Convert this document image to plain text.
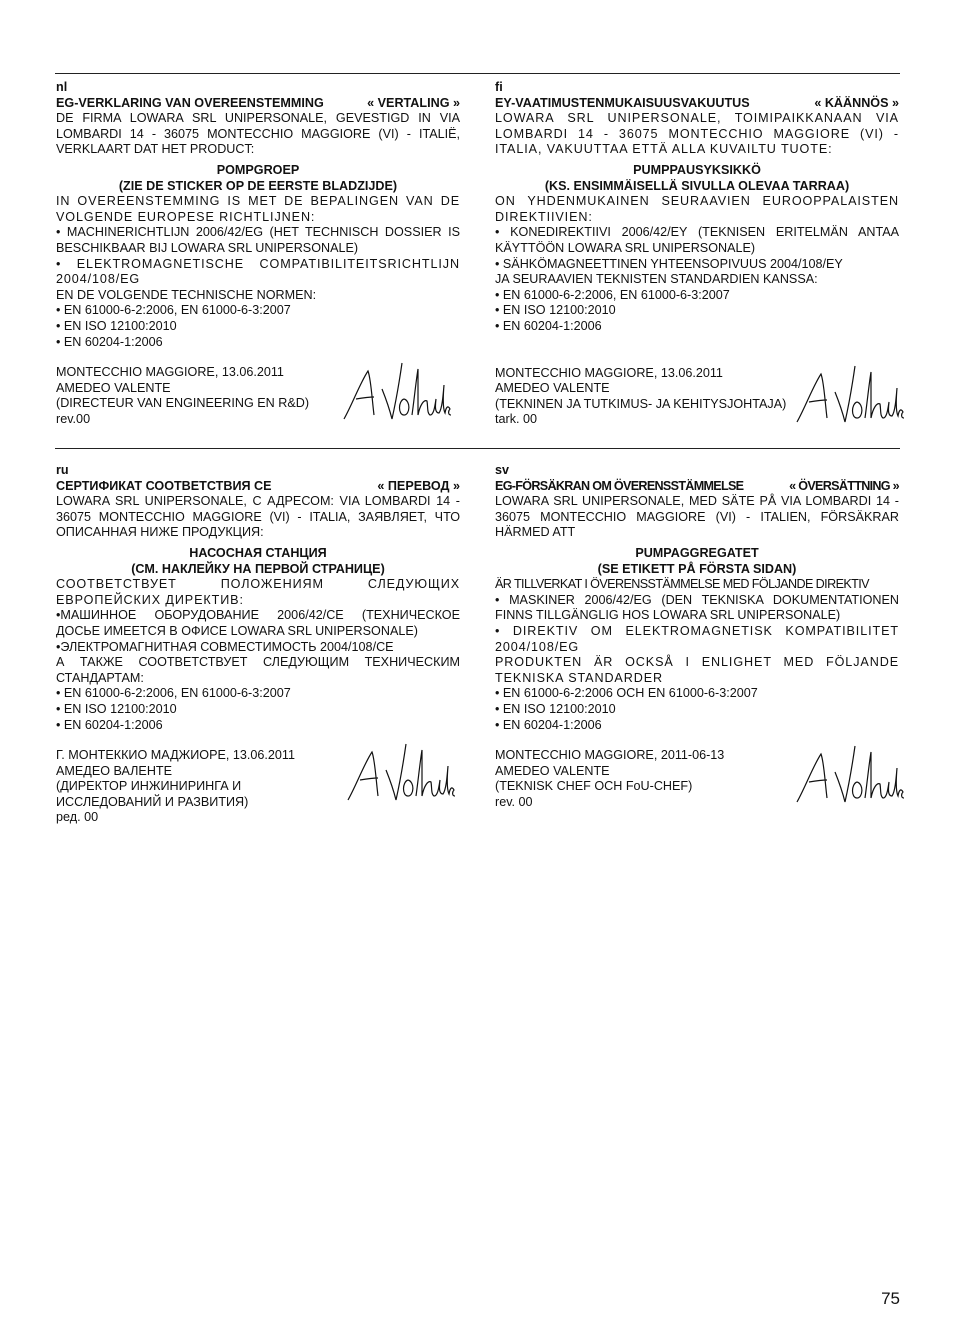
nl
EG-VERKLARING VAN OVEREENSTEMMING	« VERTALING »
DE FIRMA LOWARA SRL UNIPERSONALE, GEVESTIGD IN VIA LOMBARDI 14 - 36075 MONTECCHIO MAGGIORE (VI) - ITALIË, VERKLAART DAT HET PRODUCT:
POMPGROEP
(ZIE DE STICKER OP DE EERSTE BLADZIJDE)
IN OVEREENSTEMMING IS MET DE BEPALINGEN VAN DE VOLGENDE EUROPESE RICHTLIJNEN:
• MACHINERICHTLIJN 2006/42/EG (HET TECHNISCH DOSSIER IS BESCHIKBAAR BIJ LOWARA SRL UNIPERSONALE)
• ELEKTROMAGNETISCHE COMPATIBILITEITSRICHTLIJN 2004/108/EG
EN DE VOLGENDE TECHNISCHE NORMEN:
• EN 61000-6-2:2006, EN 61000-6-3:2007
• EN ISO 12100:2010
• EN 60204-1:2006
MONTECCHIO MAGGIORE, 13.06.2011
AMEDEO VALENTE
(DIRECTEUR VAN ENGINEERING EN R&D)
rev.00
fi
EY-VAATIMUSTENMUKAISUUSVAKUUTUS	« KÄÄNNÖS »
LOWARA SRL UNIPERSONALE, TOIMIPAIKKANAAN VIA LOMBARDI 14 - 36075 MONTECCHIO MAGGIORE (VI) - ITALIA, VAKUUTTAA ETTÄ ALLA KUVAILTU TUOTE:
PUMPPAUSYKSIKKÖ
(KS. ENSIMMÄISELLÄ SIVULLA OLEVAA TARRAA)
ON YHDENMUKAINEN SEURAAVIEN EUROOPPALAISTEN DIREKTIIVIEN:
• KONEDIREKTIIVI 2006/42/EY (TEKNISEN ERITELMÄN ANTAA KÄYTTÖÖN LOWARA SRL UNIPERSONALE)
• SÄHKÖMAGNEETTINEN YHTEENSOPIVUUS 2004/108/EY
JA SEURAAVIEN TEKNISTEN STANDARDIEN KANSSA:
• EN 61000-6-2:2006, EN 61000-6-3:2007
• EN ISO 12100:2010
• EN 60204-1:2006
MONTECCHIO MAGGIORE, 13.06.2011
AMEDEO VALENTE
(TEKNINEN JA TUTKIMUS- JA KEHITYSJOHTAJA)
tark. 00
ru
СЕРТИФИКАТ СООТВЕТСТВИЯ CE	« ПЕРЕВОД »
LOWARA SRL UNIPERSONALE, С АДРЕСОМ: VIA LOMBARDI 14 - 36075 MONTECCHIO MAGGIORE (VI) - ITALIA, ЗАЯВЛЯЕТ, ЧТО ОПИСАННАЯ НИЖЕ ПРОДУКЦИЯ:
НАСОСНАЯ СТАНЦИЯ
(СМ. НАКЛЕЙКУ НА ПЕРВОЙ СТРАНИЦЕ)
СООТВЕТСТВУЕТ ПОЛОЖЕНИЯМ СЛЕДУЮЩИХ ЕВРОПЕЙСКИХ ДИРЕКТИВ:
•МАШИННОЕ ОБОРУДОВАНИЕ 2006/42/CE (ТЕХНИЧЕСКОЕ ДОСЬЕ ИМЕЕТСЯ В ОФИСЕ LOWARA SRL UNIPERSONALE)
•ЭЛЕКТРОМАГНИТНАЯ СОВМЕСТИМОСТЬ 2004/108/CE
А ТАКЖЕ СООТВЕТСТВУЕТ СЛЕДУЮЩИМ ТЕХНИЧЕСКИМ СТАНДАРТАМ:
• EN 61000-6-2:2006, EN 61000-6-3:2007
• EN ISO 12100:2010
• EN 60204-1:2006
Г. МОНТЕККИО МАДЖИОРЕ, 13.06.2011
АМЕДЕО ВАЛЕНТЕ
(ДИРЕКТОР ИНЖИНИРИНГА И
ИССЛЕДОВАНИЙ И РАЗВИТИЯ)
ред. 00
sv
EG-FÖRSÄKRAN OM ÖVERENSSTÄMMELSE	« ÖVERSÄTTNING »
LOWARA SRL UNIPERSONALE, MED SÄTE PÅ VIA LOMBARDI 14 - 36075 MONTECCHIO MAGGIORE (VI) - ITALIEN, FÖRSÄKRAR HÄRMED ATT
PUMPAGGREGATET
(SE ETIKETT PÅ FÖRSTA SIDAN)
ÄR TILLVERKAT I ÖVERENSSTÄMMELSE MED FÖLJANDE DIREKTIV
• MASKINER 2006/42/EG (DEN TEKNISKA DOKUMENTATIONEN FINNS TILLGÄNGLIG HOS LOWARA SRL UNIPERSONALE)
• DIREKTIV OM ELEKTROMAGNETISK KOMPATIBILITET 2004/108/EG
PRODUKTEN ÄR OCKSÅ I ENLIGHET MED FÖLJANDE TEKNISKA STANDARDER
• EN 61000-6-2:2006 OCH EN 61000-6-3:2007
• EN ISO 12100:2010
• EN 60204-1:2006
MONTECCHIO MAGGIORE, 2011-06-13
AMEDEO VALENTE
(TEKNISK CHEF OCH FoU-CHEF)
rev. 00
75
